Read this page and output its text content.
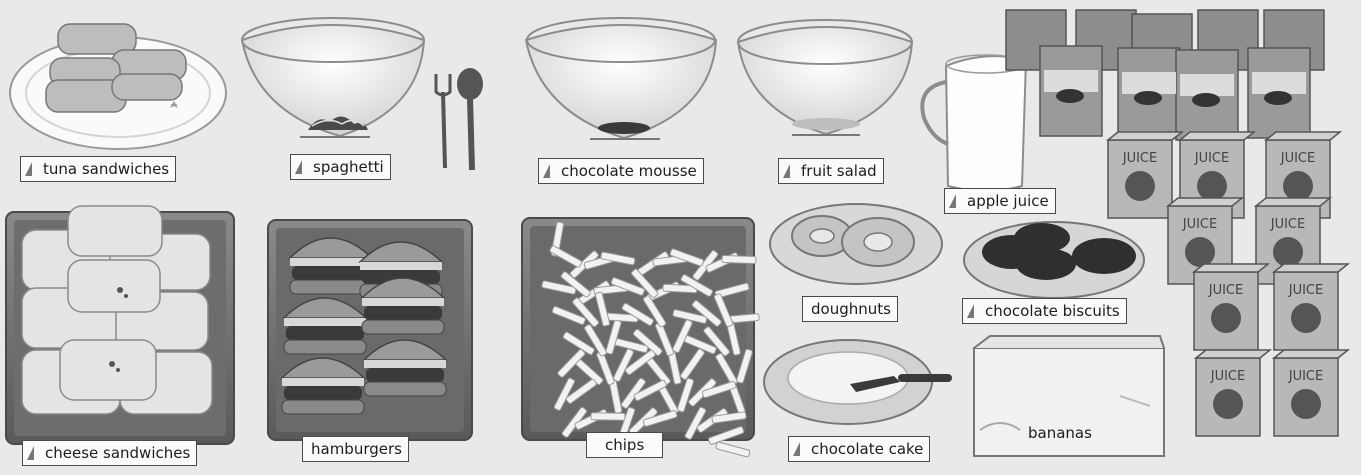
JUICE	JUICE	JUICE
JUICE	JUICE
JUICE	JUICE
JUICE	JUICE
tuna sandwiches	spaghetti	chocolate mousse	fruit salad
apple juice
cheese sandwiches	hamburgers	chips
doughnuts	chocolate biscuits
chocolate cake
bananas
